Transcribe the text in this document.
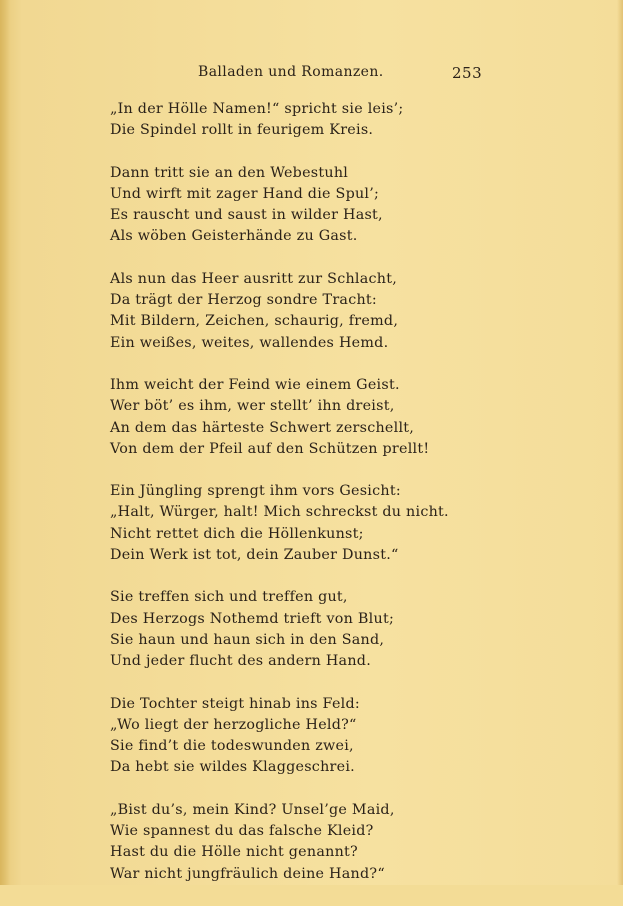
Balladen und Romanzen.	253
„In der Hölle Namen!“ spricht sie leis’;
Die Spindel rollt in feurigem Kreis.
Dann tritt sie an den Webestuhl
Und wirft mit zager Hand die Spul’;
Es rauscht und saust in wilder Hast,
Als wöben Geisterhände zu Gast.
Als nun das Heer ausritt zur Schlacht,
Da trägt der Herzog sondre Tracht:
Mit Bildern, Zeichen, schaurig, fremd,
Ein weißes, weites, wallendes Hemd.
Ihm weicht der Feind wie einem Geist.
Wer böt’ es ihm, wer stellt’ ihn dreist,
An dem das härteste Schwert zerschellt,
Von dem der Pfeil auf den Schützen prellt!
Ein Jüngling sprengt ihm vors Gesicht:
„Halt, Würger, halt! Mich schreckst du nicht.
Nicht rettet dich die Höllenkunst;
Dein Werk ist tot, dein Zauber Dunst.“
Sie treffen sich und treffen gut,
Des Herzogs Nothemd trieft von Blut;
Sie haun und haun sich in den Sand,
Und jeder flucht des andern Hand.
Die Tochter steigt hinab ins Feld:
„Wo liegt der herzogliche Held?“
Sie find’t die todeswunden zwei,
Da hebt sie wildes Klaggeschrei.
„Bist du’s, mein Kind? Unsel’ge Maid,
Wie spannest du das falsche Kleid?
Hast du die Hölle nicht genannt?
War nicht jungfräulich deine Hand?“
